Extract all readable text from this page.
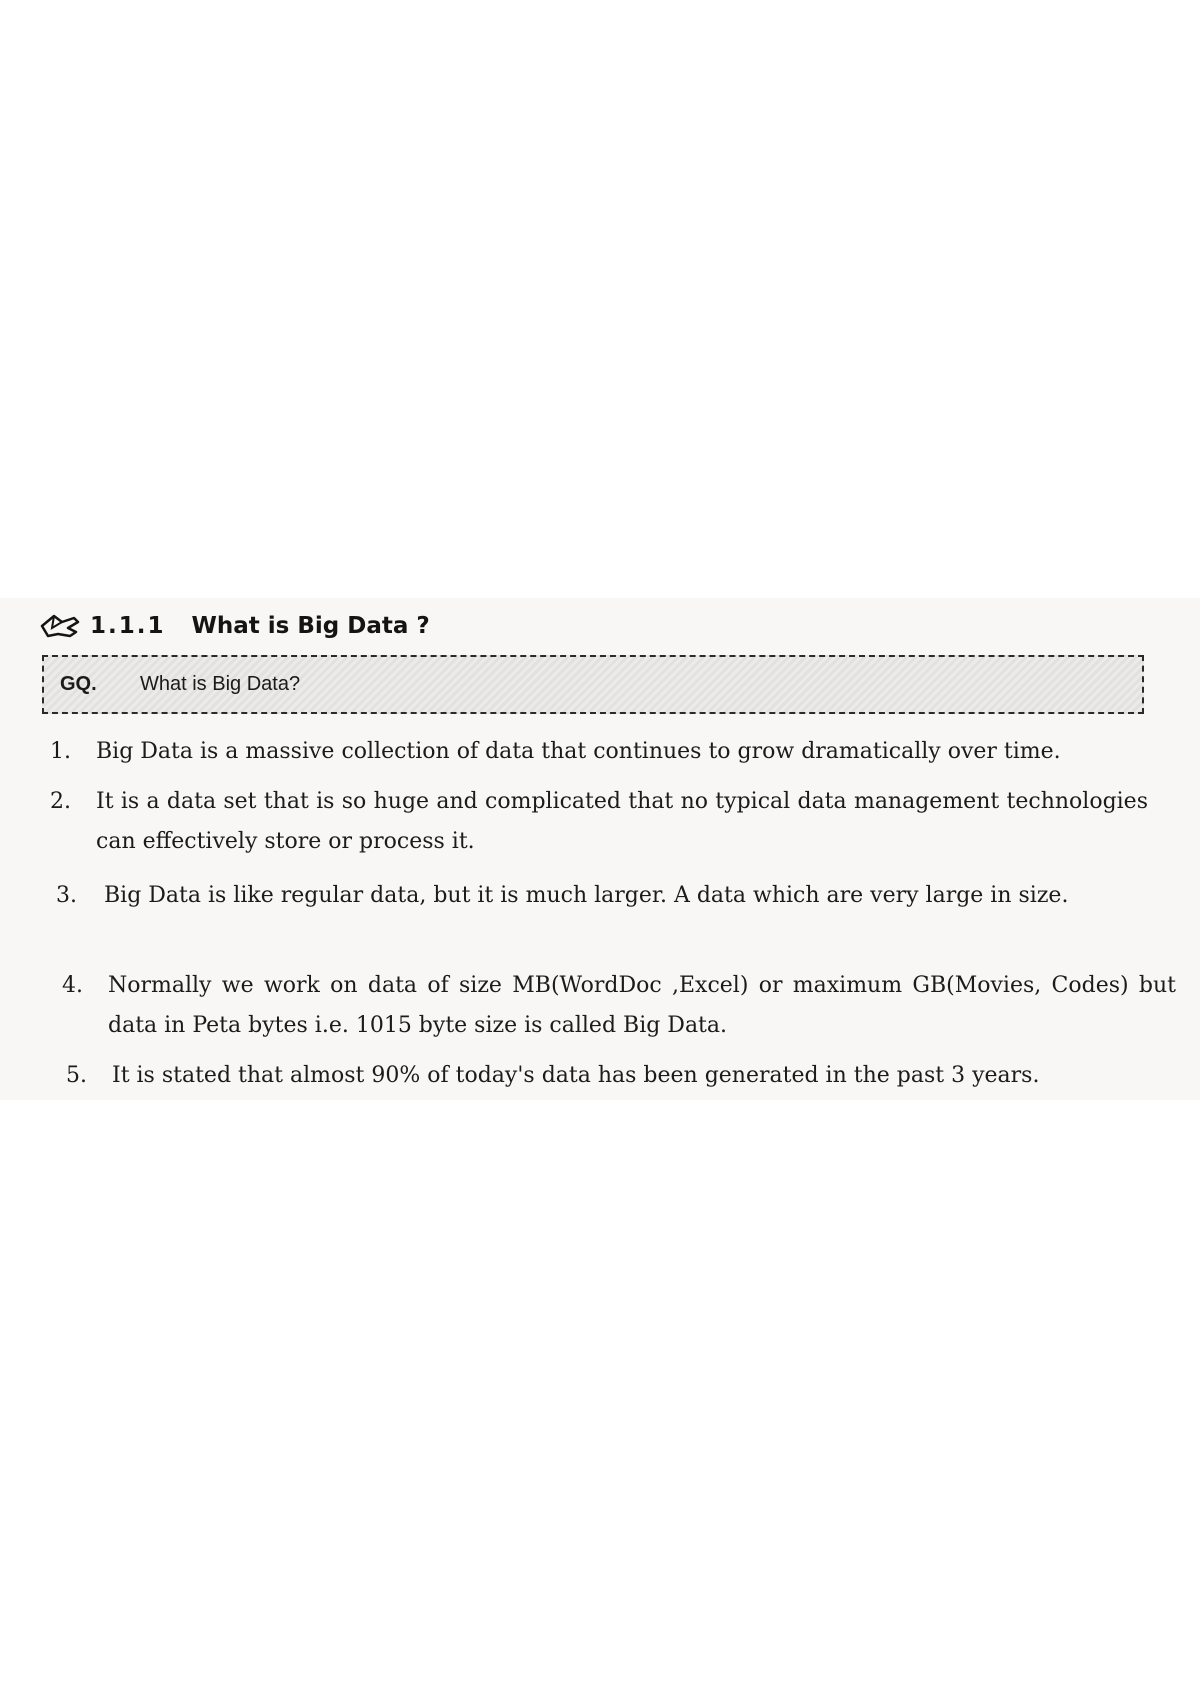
1.1.1 What is Big Data ?
GQ. What is Big Data?
1. Big Data is a massive collection of data that continues to grow dramatically over time.
2. It is a data set that is so huge and complicated that no typical data management technologies can effectively store or process it.
3. Big Data is like regular data, but it is much larger. A data which are very large in size.
4. Normally we work on data of size MB(WordDoc ,Excel) or maximum GB(Movies, Codes) but data in Peta bytes i.e. 1015 byte size is called Big Data.
5. It is stated that almost 90% of today's data has been generated in the past 3 years.
